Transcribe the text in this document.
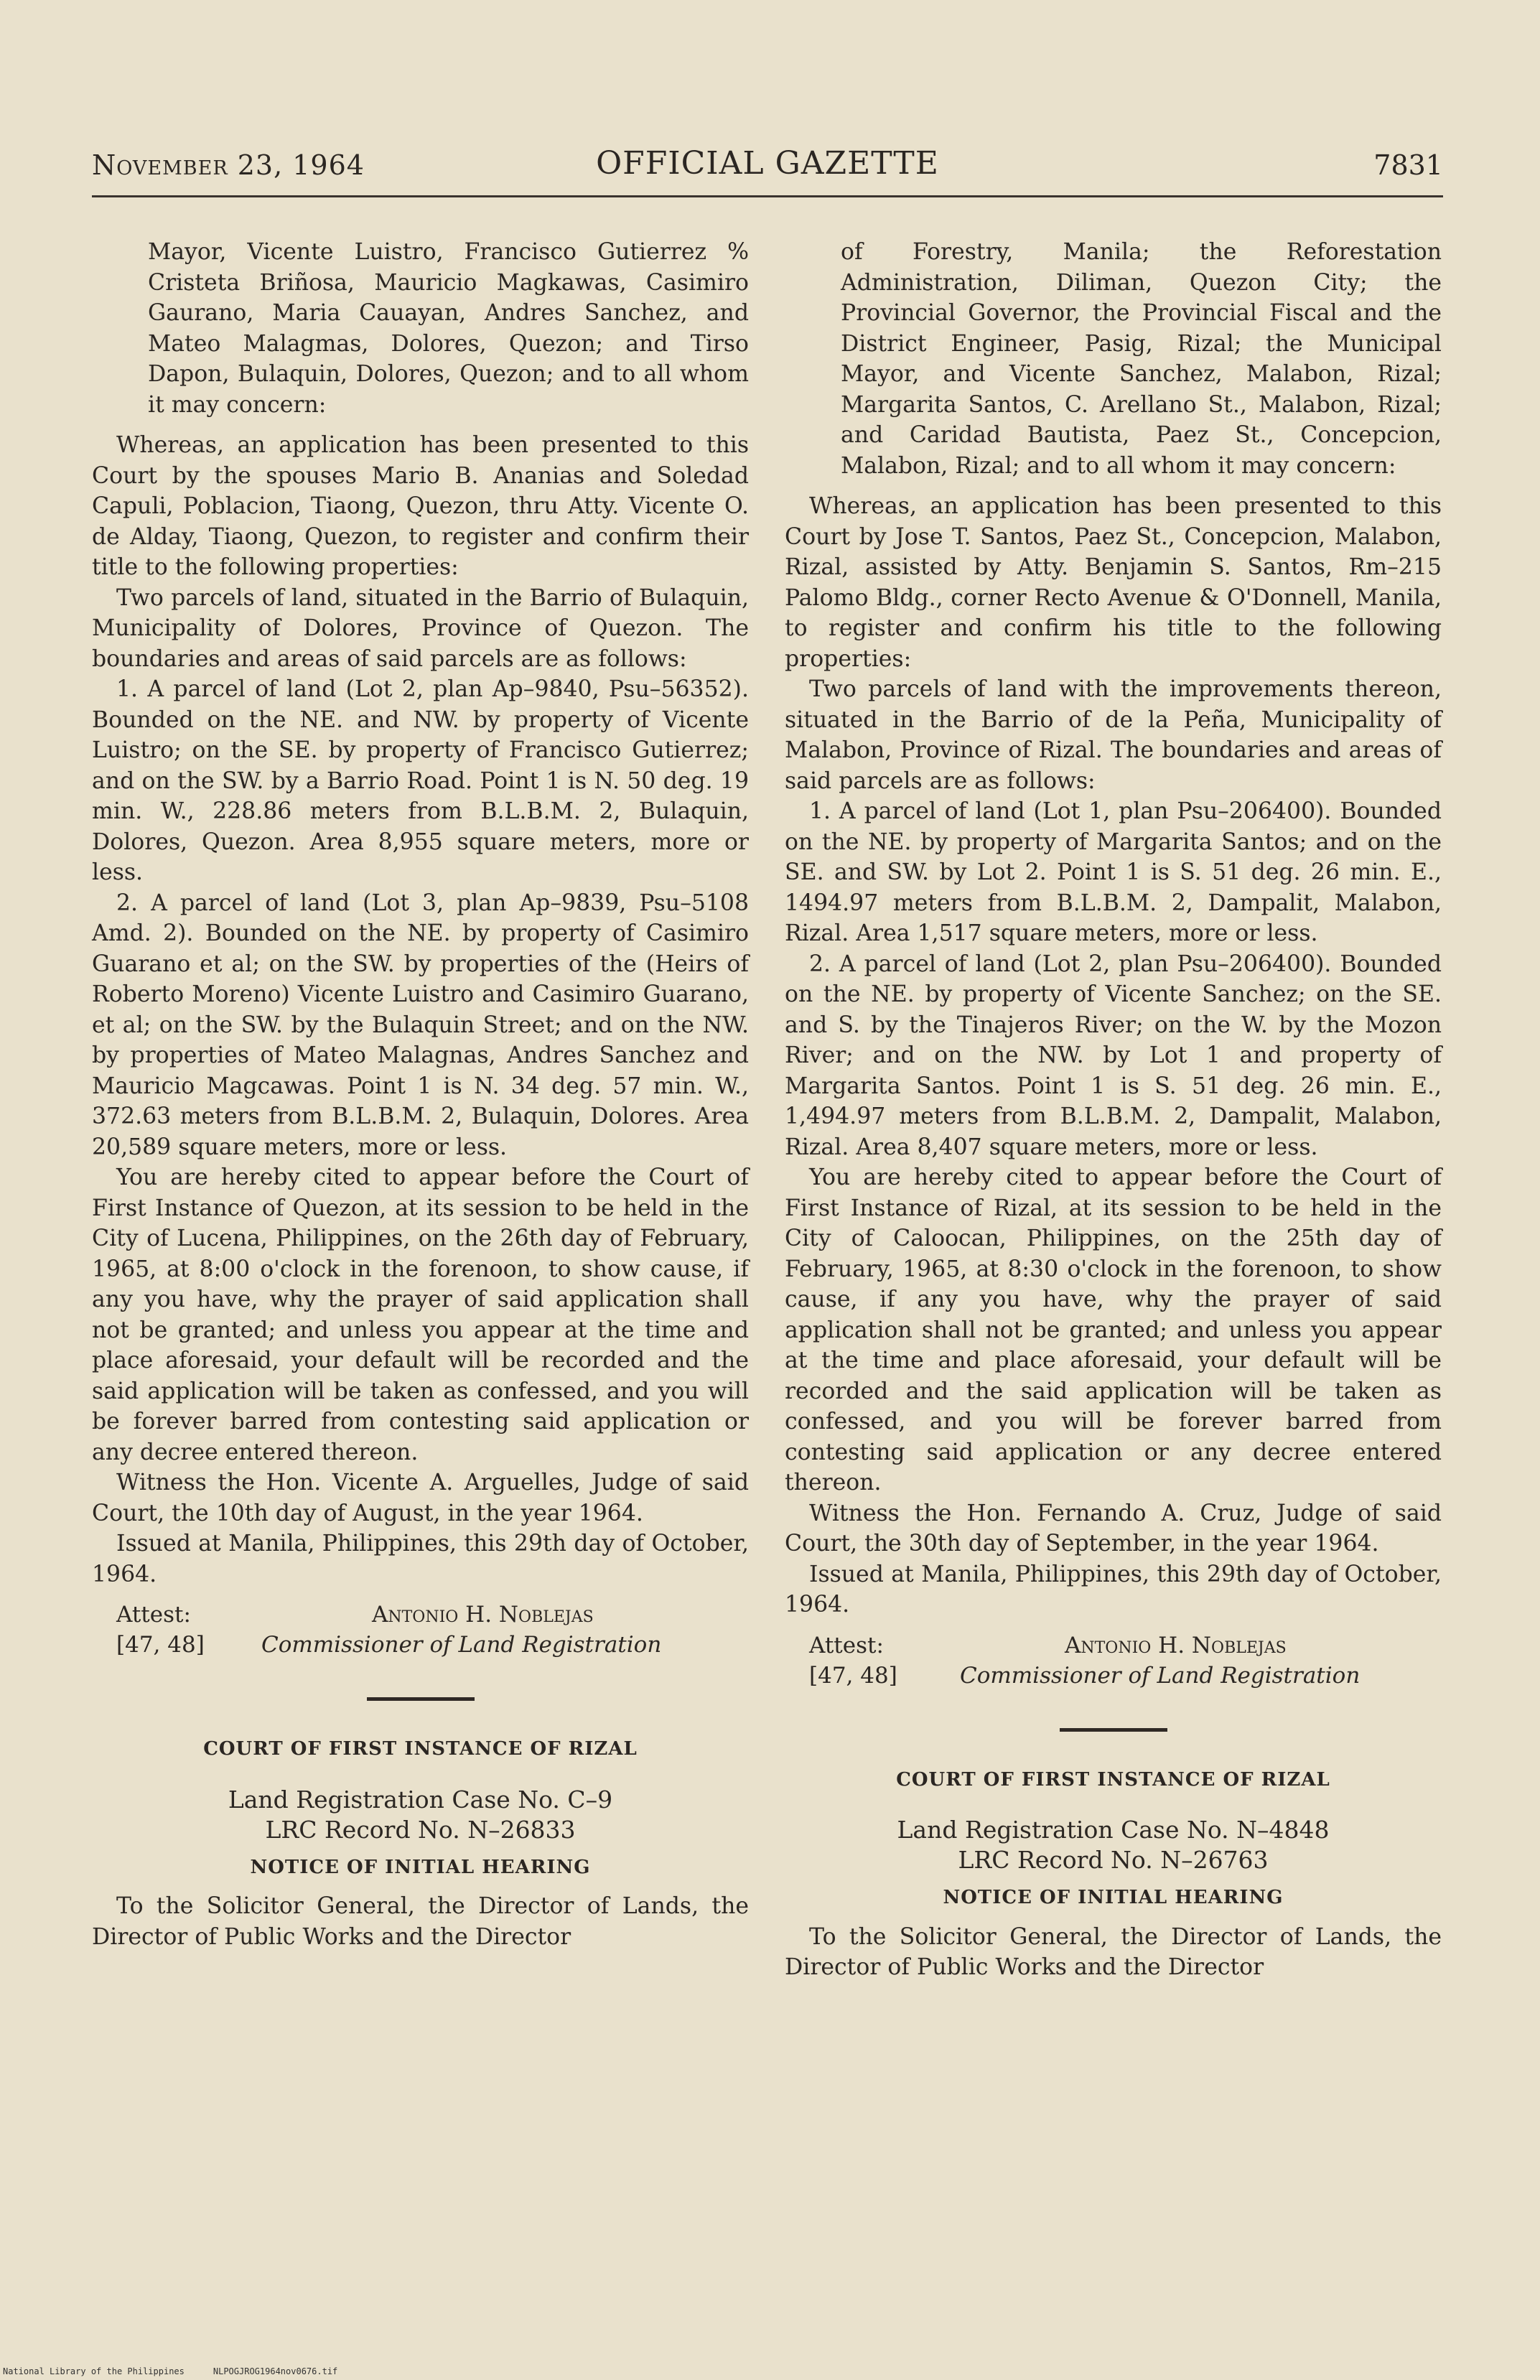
November 23, 1964	OFFICIAL GAZETTE	7831

Mayor, Vicente Luistro, Francisco Gutierrez % Cristeta Briñosa, Mauricio Magkawas, Casimiro Gaurano, Maria Cauayan, Andres Sanchez, and Mateo Malagmas, Dolores, Quezon; and Tirso Dapon, Bulaquin, Dolores, Quezon; and to all whom it may concern:

Whereas, an application has been presented to this Court by the spouses Mario B. Ananias and Soledad Capuli, Poblacion, Tiaong, Quezon, thru Atty. Vicente O. de Alday, Tiaong, Quezon, to register and confirm their title to the following properties:

Two parcels of land, situated in the Barrio of Bulaquin, Municipality of Dolores, Province of Quezon. The boundaries and areas of said parcels are as follows:

1. A parcel of land (Lot 2, plan Ap–9840, Psu–56352). Bounded on the NE. and NW. by property of Vicente Luistro; on the SE. by property of Francisco Gutierrez; and on the SW. by a Barrio Road. Point 1 is N. 50 deg. 19 min. W., 228.86 meters from B.L.B.M. 2, Bulaquin, Dolores, Quezon. Area 8,955 square meters, more or less.

2. A parcel of land (Lot 3, plan Ap–9839, Psu–5108 Amd. 2). Bounded on the NE. by property of Casimiro Guarano et al; on the SW. by properties of the (Heirs of Roberto Moreno) Vicente Luistro and Casimiro Guarano, et al; on the SW. by the Bulaquin Street; and on the NW. by properties of Mateo Malagnas, Andres Sanchez and Mauricio Magcawas. Point 1 is N. 34 deg. 57 min. W., 372.63 meters from B.L.B.M. 2, Bulaquin, Dolores. Area 20,589 square meters, more or less.

You are hereby cited to appear before the Court of First Instance of Quezon, at its session to be held in the City of Lucena, Philippines, on the 26th day of February, 1965, at 8:00 o'clock in the forenoon, to show cause, if any you have, why the prayer of said application shall not be granted; and unless you appear at the time and place aforesaid, your default will be recorded and the said application will be taken as confessed, and you will be forever barred from contesting said application or any decree entered thereon.

Witness the Hon. Vicente A. Arguelles, Judge of said Court, the 10th day of August, in the year 1964.

Issued at Manila, Philippines, this 29th day of October, 1964.

Attest:	Antonio H. Noblejas
[47, 48]	Commissioner of Land Registration
COURT OF FIRST INSTANCE OF RIZAL
Land Registration Case No. C–9
LRC Record No. N–26833
NOTICE OF INITIAL HEARING

To the Solicitor General, the Director of Lands, the Director of Public Works and the Director

of Forestry, Manila; the Reforestation Administration, Diliman, Quezon City; the Provincial Governor, the Provincial Fiscal and the District Engineer, Pasig, Rizal; the Municipal Mayor, and Vicente Sanchez, Malabon, Rizal; Margarita Santos, C. Arellano St., Malabon, Rizal; and Caridad Bautista, Paez St., Concepcion, Malabon, Rizal; and to all whom it may concern:

Whereas, an application has been presented to this Court by Jose T. Santos, Paez St., Concepcion, Malabon, Rizal, assisted by Atty. Benjamin S. Santos, Rm–215 Palomo Bldg., corner Recto Avenue & O'Donnell, Manila, to register and confirm his title to the following properties:

Two parcels of land with the improvements thereon, situated in the Barrio of de la Peña, Municipality of Malabon, Province of Rizal. The boundaries and areas of said parcels are as follows:

1. A parcel of land (Lot 1, plan Psu–206400). Bounded on the NE. by property of Margarita Santos; and on the SE. and SW. by Lot 2. Point 1 is S. 51 deg. 26 min. E., 1494.97 meters from B.L.B.M. 2, Dampalit, Malabon, Rizal. Area 1,517 square meters, more or less.

2. A parcel of land (Lot 2, plan Psu–206400). Bounded on the NE. by property of Vicente Sanchez; on the SE. and S. by the Tinajeros River; on the W. by the Mozon River; and on the NW. by Lot 1 and property of Margarita Santos. Point 1 is S. 51 deg. 26 min. E., 1,494.97 meters from B.L.B.M. 2, Dampalit, Malabon, Rizal. Area 8,407 square meters, more or less.

You are hereby cited to appear before the Court of First Instance of Rizal, at its session to be held in the City of Caloocan, Philippines, on the 25th day of February, 1965, at 8:30 o'clock in the forenoon, to show cause, if any you have, why the prayer of said application shall not be granted; and unless you appear at the time and place aforesaid, your default will be recorded and the said application will be taken as confessed, and you will be forever barred from contesting said application or any decree entered thereon.

Witness the Hon. Fernando A. Cruz, Judge of said Court, the 30th day of September, in the year 1964.

Issued at Manila, Philippines, this 29th day of October, 1964.

Attest:	Antonio H. Noblejas
[47, 48]	Commissioner of Land Registration
COURT OF FIRST INSTANCE OF RIZAL
Land Registration Case No. N–4848
LRC Record No. N–26763
NOTICE OF INITIAL HEARING

To the Solicitor General, the Director of Lands, the Director of Public Works and the Director

National Library of the Philippines	NLPOGJROG1964nov0676.tif
